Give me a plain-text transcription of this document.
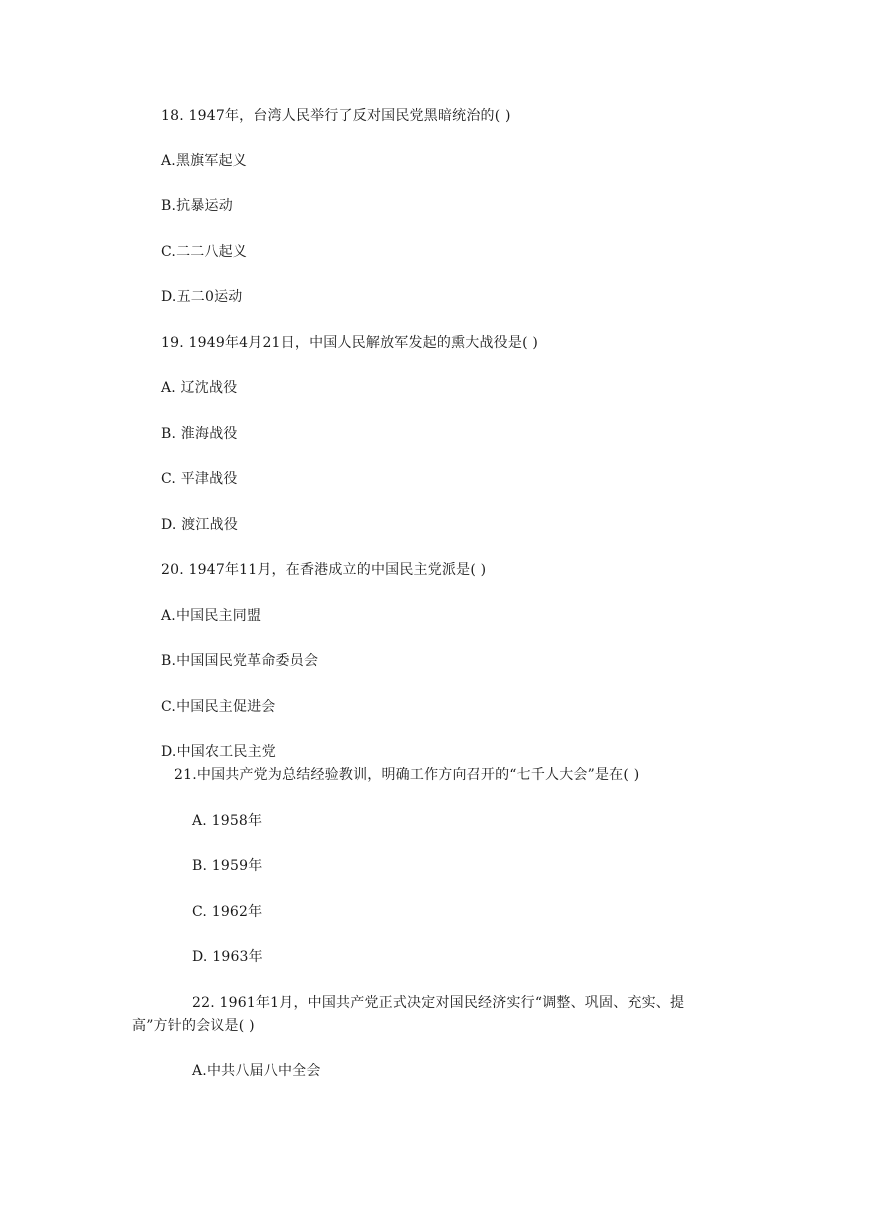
18. 1947年，台湾人民举行了反对国民党黑暗统治的( )
A.黑旗军起义
B.抗暴运动
C.二二八起义
D.五二0运动
19. 1949年4月21日，中国人民解放军发起的熏大战役是( )
A. 辽沈战役
B. 淮海战役
C. 平津战役
D. 渡江战役
20. 1947年11月，在香港成立的中国民主党派是( )
A.中国民主同盟
B.中国国民党革命委员会
C.中国民主促进会
D.中国农工民主党
21.中国共产党为总结经验教训，明确工作方向召开的“七千人大会”是在( )
A. 1958年
B. 1959年
C. 1962年
D. 1963年
22. 1961年1月，中国共产党正式决定对国民经济实行“调整、巩固、充实、提
高”方针的会议是( )
A.中共八届八中全会
